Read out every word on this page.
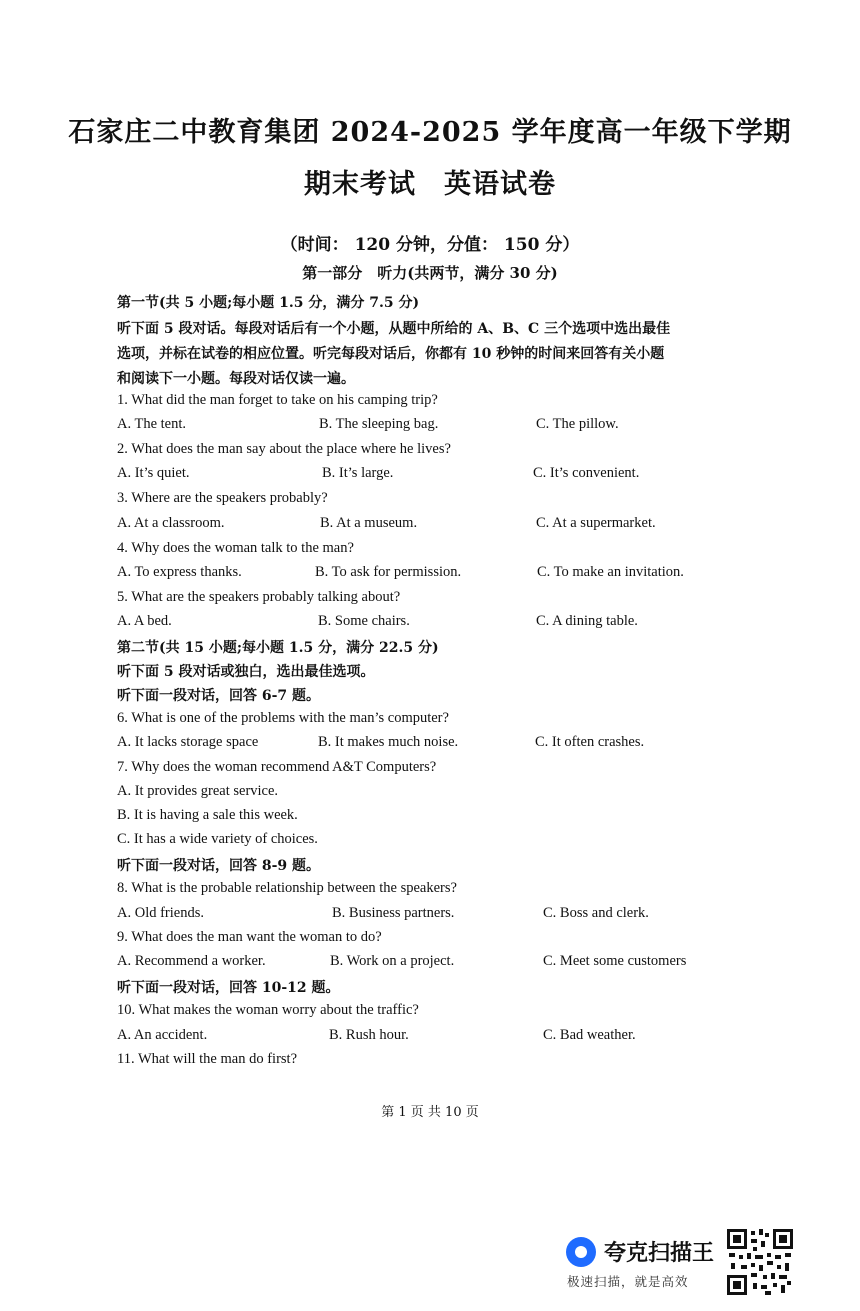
石家庄二中教育集团 2024-2025 学年度高一年级下学期
期末考试　英语试卷
（时间： 120 分钟，分值： 150 分）
第一部分　听力(共两节，满分 30 分)
第一节(共 5 小题;每小题 1.5 分，满分 7.5 分)
听下面 5 段对话。每段对话后有一个小题，从题中所给的 A、B、C 三个选项中选出最佳
选项，并标在试卷的相应位置。听完每段对话后，你都有 10 秒钟的时间来回答有关小题
和阅读下一小题。每段对话仅读一遍。
1. What did the man forget to take on his camping trip?
A. The tent.	B. The sleeping bag.	C. The pillow.
2. What does the man say about the place where he lives?
A. It’s quiet.	B. It’s large.	C. It’s convenient.
3. Where are the speakers probably?
A. At a classroom.	B. At a museum.	C. At a supermarket.
4. Why does the woman talk to the man?
A. To express thanks.	B. To ask for permission.	C. To make an invitation.
5. What are the speakers probably talking about?
A. A bed.	B. Some chairs.	C. A dining table.
第二节(共 15 小题;每小题 1.5 分，满分 22.5 分)
听下面 5 段对话或独白，选出最佳选项。
听下面一段对话，回答 6-7 题。
6. What is one of the problems with the man’s computer?
A. It lacks storage space	B. It makes much noise.	C. It often crashes.
7. Why does the woman recommend A&T Computers?
A. It provides great service.
B. It is having a sale this week.
C. It has a wide variety of choices.
听下面一段对话，回答 8-9 题。
8. What is the probable relationship between the speakers?
A. Old friends.	B. Business partners.	C. Boss and clerk.
9. What does the man want the woman to do?
A. Recommend a worker.	B. Work on a project.	C. Meet some customers
听下面一段对话，回答 10-12 题。
10. What makes the woman worry about the traffic?
A. An accident.	B. Rush hour.	C. Bad weather.
11. What will the man do first?
第 1 页 共 10 页
夸克扫描王
极速扫描，就是高效
